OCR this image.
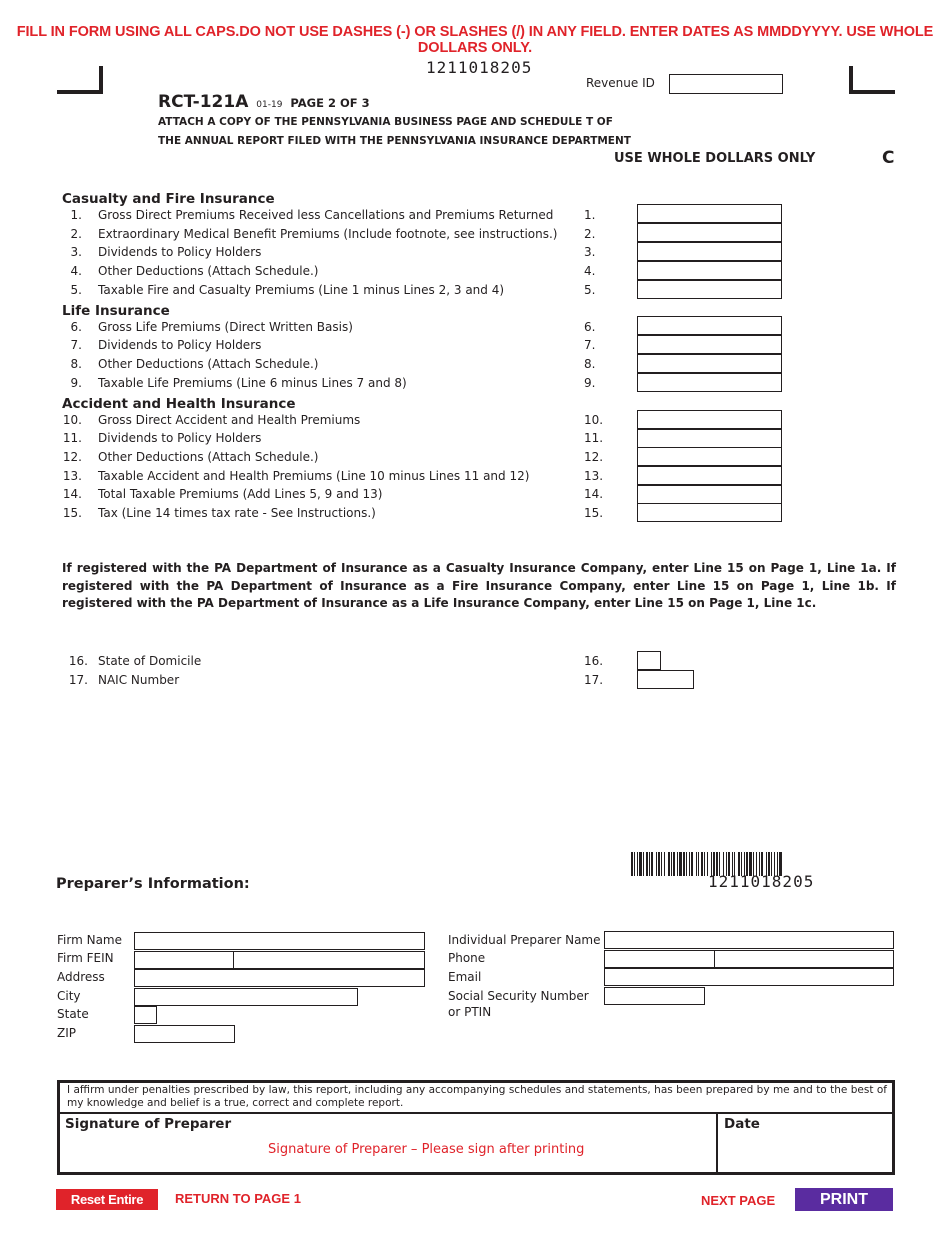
FILL IN FORM USING ALL CAPS.DO NOT USE DASHES (-) OR SLASHES (/) IN ANY FIELD. ENTER DATES AS MMDDYYYY. USE WHOLE DOLLARS ONLY.
1211018205
Revenue ID
RCT-121A 01-19 PAGE 2 OF 3
ATTACH A COPY OF THE PENNSYLVANIA BUSINESS PAGE AND SCHEDULE T OF
THE ANNUAL REPORT FILED WITH THE PENNSYLVANIA INSURANCE DEPARTMENT
USE WHOLE DOLLARS ONLY	C
Casualty and Fire Insurance
Life Insurance
Accident and Health Insurance
1. Gross Direct Premiums Received less Cancellations and Premiums Returned	1.
2. Extraordinary Medical Benefit Premiums (Include footnote, see instructions.) 2.
3. Dividends to Policy Holders	3.
4. Other Deductions (Attach Schedule.)	4.
5. Taxable Fire and Casualty Premiums (Line 1 minus Lines 2, 3 and 4)	5.
6. Gross Life Premiums (Direct Written Basis)	6.
7. Dividends to Policy Holders	7.
8. Other Deductions (Attach Schedule.)	8.
9. Taxable Life Premiums (Line 6 minus Lines 7 and 8)	9.
10. Gross Direct Accident and Health Premiums	10.
11. Dividends to Policy Holders	11.
12. Other Deductions (Attach Schedule.)	12.
13. Taxable Accident and Health Premiums (Line 10 minus Lines 11 and 12)	13.
14. Total Taxable Premiums (Add Lines 5, 9 and 13)	14.
15. Tax (Line 14 times tax rate - See Instructions.)	15.
If registered with the PA Department of Insurance as a Casualty Insurance Company, enter Line 15 on Page 1, Line 1a. If registered with the PA Department of Insurance as a Fire Insurance Company, enter Line 15 on Page 1, Line 1b. If registered with the PA Department of Insurance as a Life Insurance Company, enter Line 15 on Page 1, Line 1c.
16. State of Domicile	16.
17. NAIC Number	17.
1211018205
Preparer’s Information:
Firm Name
Firm FEIN
Address
City
State
ZIP
Individual Preparer Name
Phone
Email
Social Security Number
or PTIN
I affirm under penalties prescribed by law, this report, including any accompanying schedules and statements, has been prepared by me and to the best of my knowledge and belief is a true, correct and complete report.
Signature of Preparer
Signature of Preparer – Please sign after printing
Date
Reset Entire Form
RETURN TO PAGE 1	NEXT PAGE	PRINT FORM
